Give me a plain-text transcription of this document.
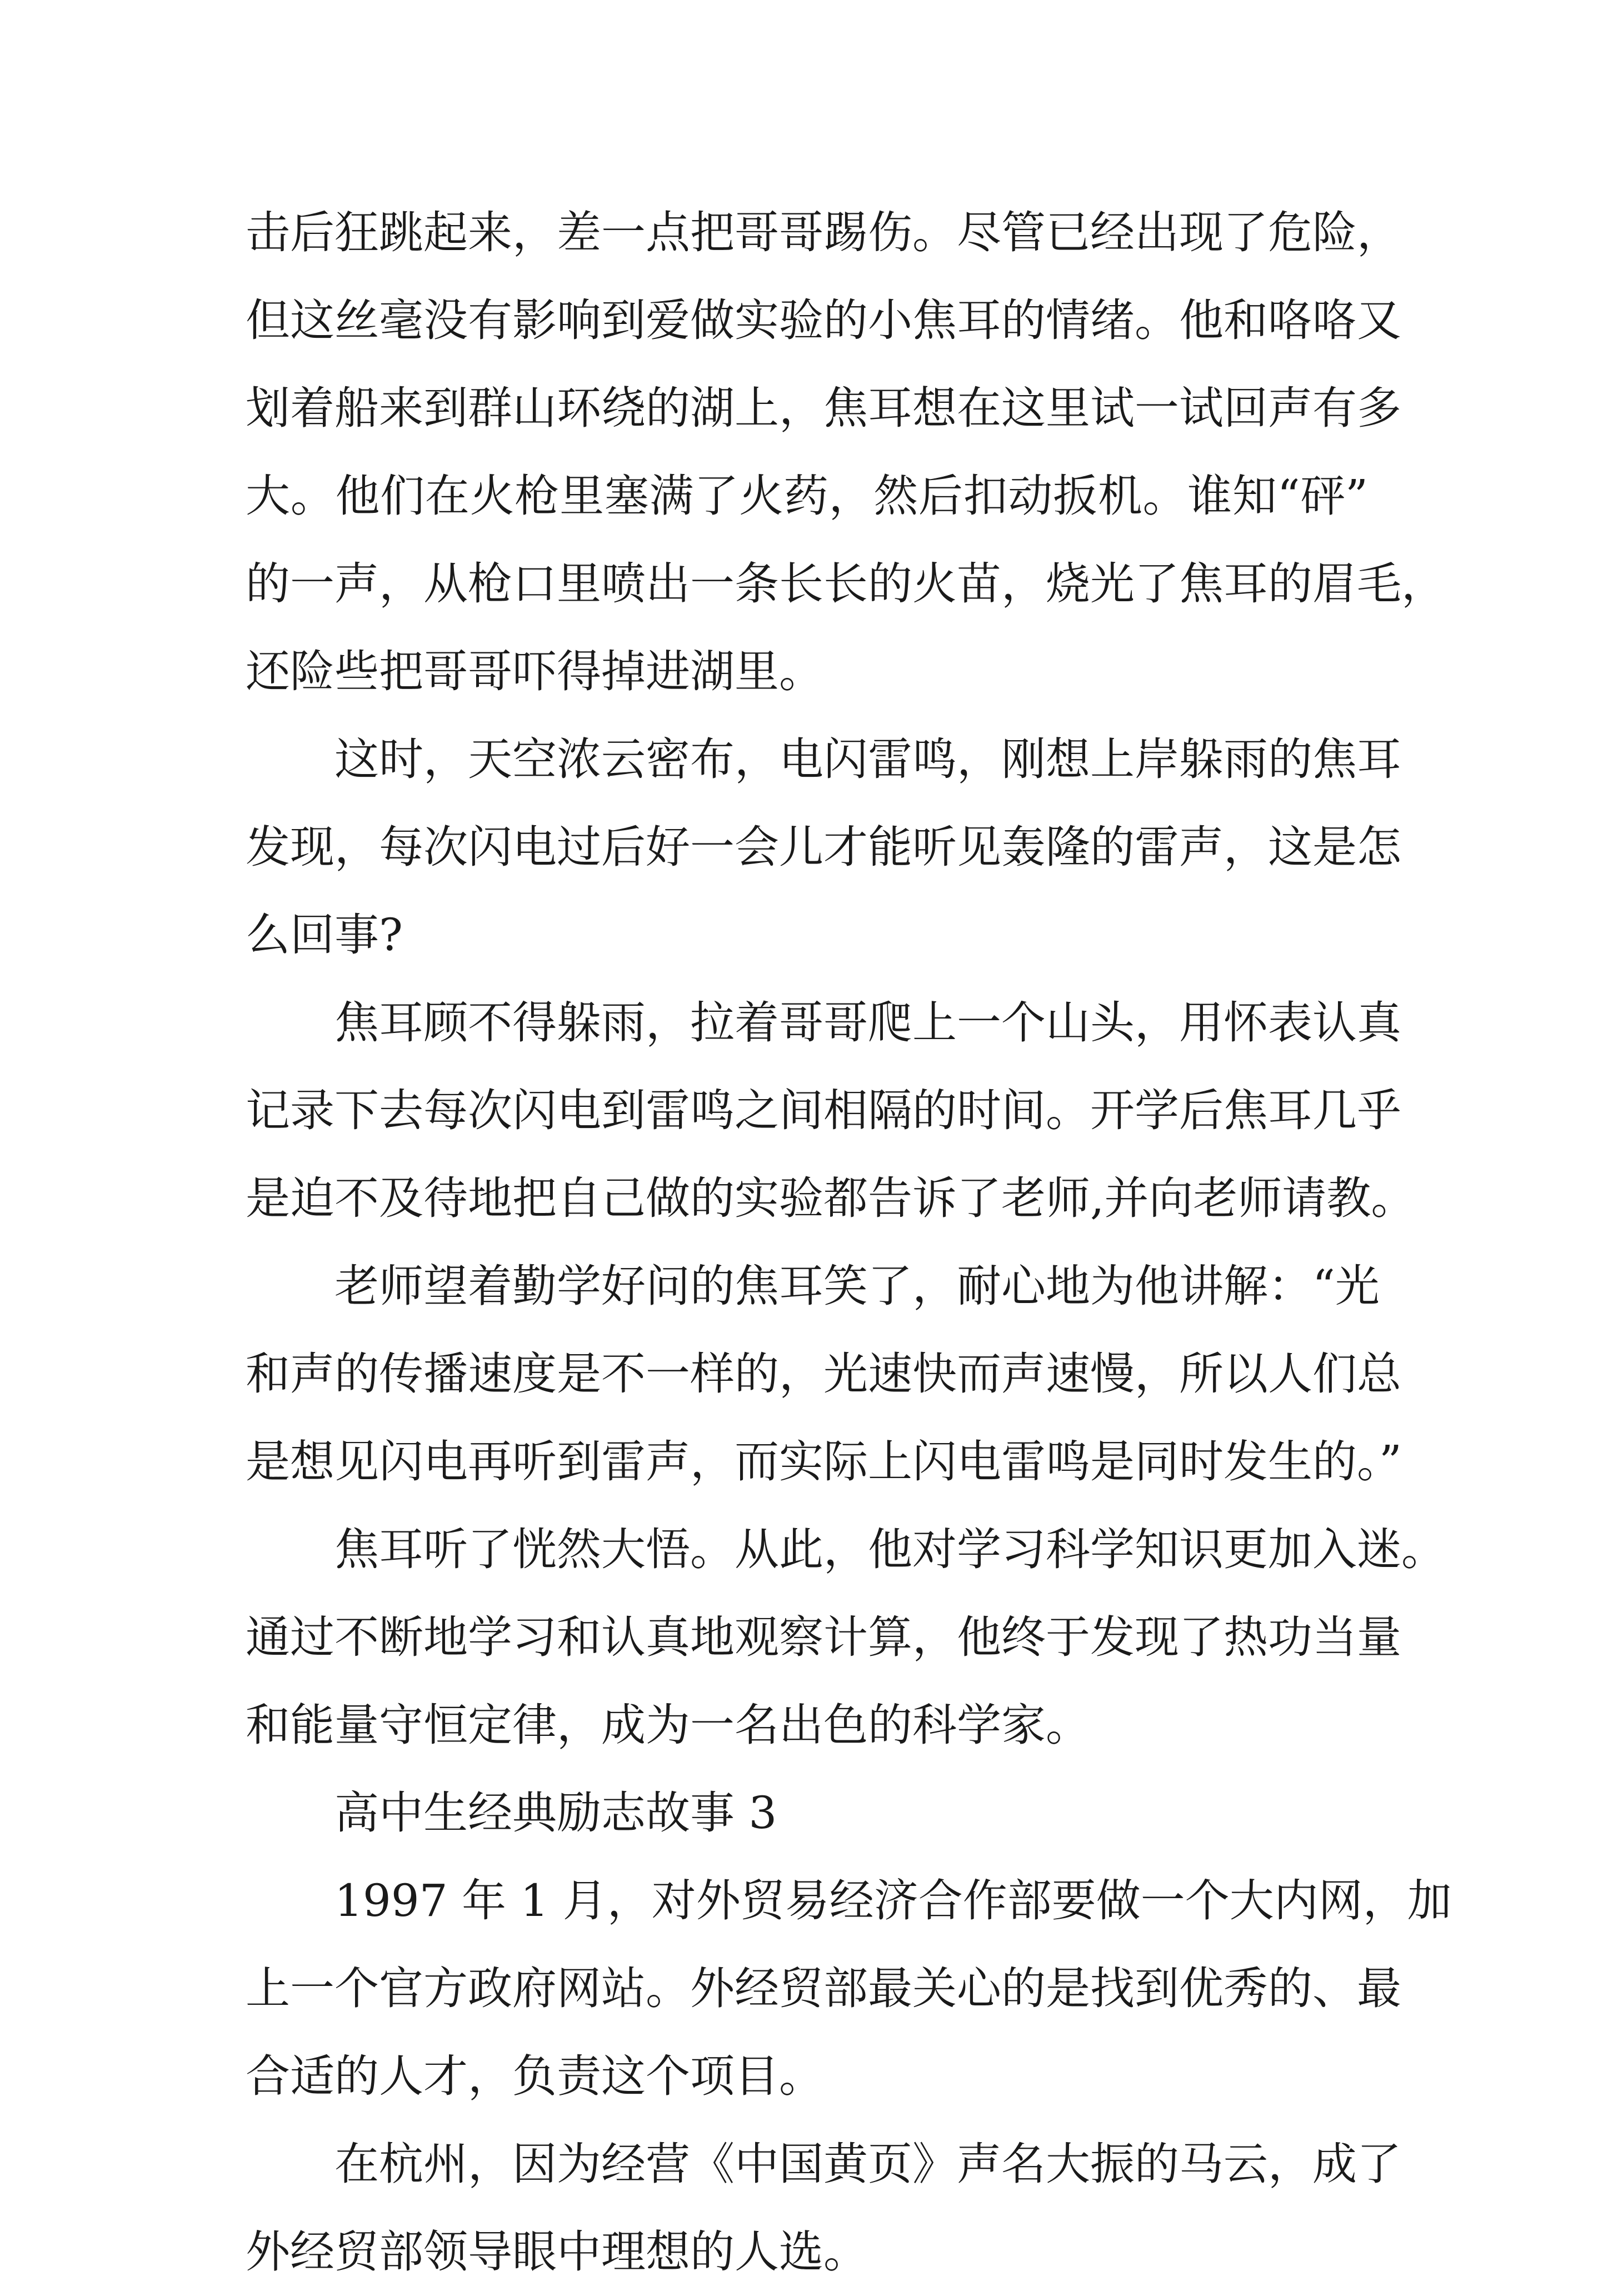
击后狂跳起来，差一点把哥哥踢伤。尽管已经出现了危险，
但这丝毫没有影响到爱做实验的小焦耳的情绪。他和咯咯又
划着船来到群山环绕的湖上，焦耳想在这里试一试回声有多
大。他们在火枪里塞满了火药，然后扣动扳机。谁知“砰”
的一声，从枪口里喷出一条长长的火苗，烧光了焦耳的眉毛，
还险些把哥哥吓得掉进湖里。
这时，天空浓云密布，电闪雷鸣，刚想上岸躲雨的焦耳
发现，每次闪电过后好一会儿才能听见轰隆的雷声，这是怎
么回事?
焦耳顾不得躲雨，拉着哥哥爬上一个山头，用怀表认真
记录下去每次闪电到雷鸣之间相隔的时间。开学后焦耳几乎
是迫不及待地把自己做的实验都告诉了老师,并向老师请教。
老师望着勤学好问的焦耳笑了，耐心地为他讲解：“光
和声的传播速度是不一样的，光速快而声速慢，所以人们总
是想见闪电再听到雷声，而实际上闪电雷鸣是同时发生的。”
焦耳听了恍然大悟。从此，他对学习科学知识更加入迷。
通过不断地学习和认真地观察计算，他终于发现了热功当量
和能量守恒定律，成为一名出色的科学家。
高中生经典励志故事 3
1997 年 1 月，对外贸易经济合作部要做一个大内网，加
上一个官方政府网站。外经贸部最关心的是找到优秀的、最
合适的人才，负责这个项目。
在杭州，因为经营《中国黄页》声名大振的马云，成了
外经贸部领导眼中理想的人选。
